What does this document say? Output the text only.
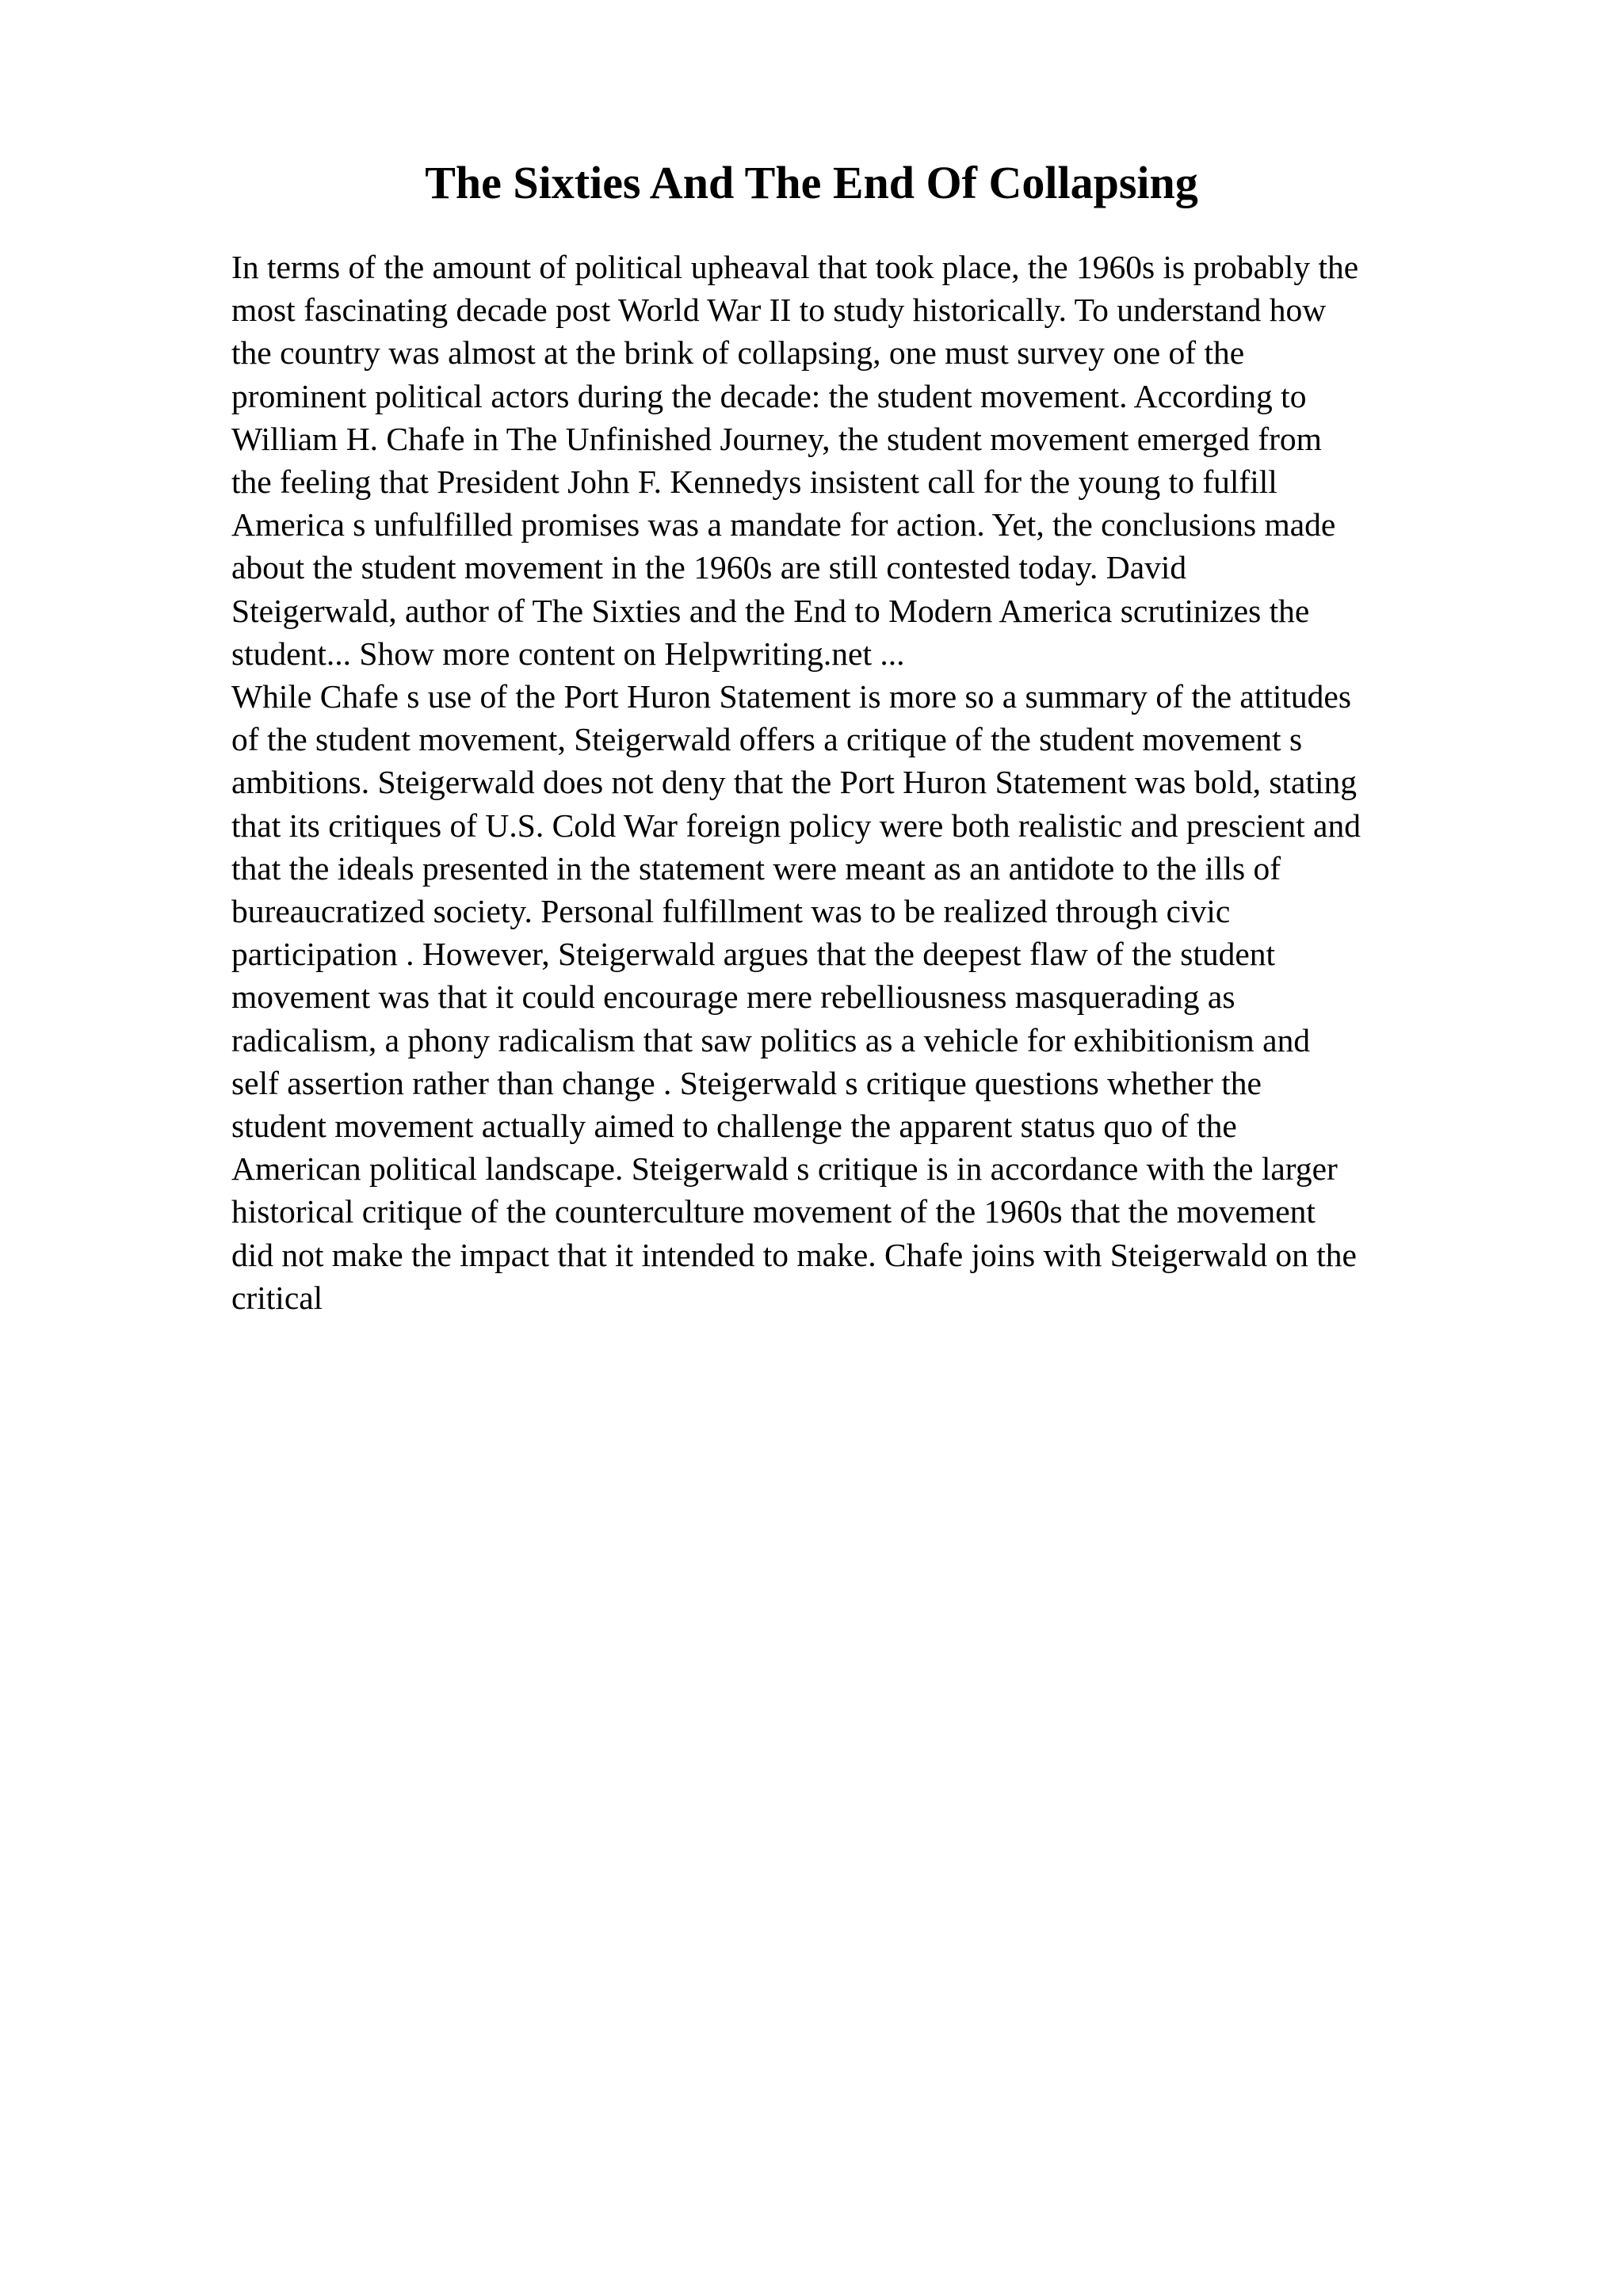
The Sixties And The End Of Collapsing

In terms of the amount of political upheaval that took place, the 1960s is probably the
most fascinating decade post World War II to study historically. To understand how
the country was almost at the brink of collapsing, one must survey one of the
prominent political actors during the decade: the student movement. According to
William H. Chafe in The Unfinished Journey, the student movement emerged from
the feeling that President John F. Kennedys insistent call for the young to fulfill
America s unfulfilled promises was a mandate for action. Yet, the conclusions made
about the student movement in the 1960s are still contested today. David
Steigerwald, author of The Sixties and the End to Modern America scrutinizes the
student... Show more content on Helpwriting.net ...

While Chafe s use of the Port Huron Statement is more so a summary of the attitudes
of the student movement, Steigerwald offers a critique of the student movement s
ambitions. Steigerwald does not deny that the Port Huron Statement was bold, stating
that its critiques of U.S. Cold War foreign policy were both realistic and prescient and
that the ideals presented in the statement were meant as an antidote to the ills of
bureaucratized society. Personal fulfillment was to be realized through civic
participation . However, Steigerwald argues that the deepest flaw of the student
movement was that it could encourage mere rebelliousness masquerading as
radicalism, a phony radicalism that saw politics as a vehicle for exhibitionism and
self assertion rather than change . Steigerwald s critique questions whether the
student movement actually aimed to challenge the apparent status quo of the
American political landscape. Steigerwald s critique is in accordance with the larger
historical critique of the counterculture movement of the 1960s that the movement
did not make the impact that it intended to make. Chafe joins with Steigerwald on the
critical
